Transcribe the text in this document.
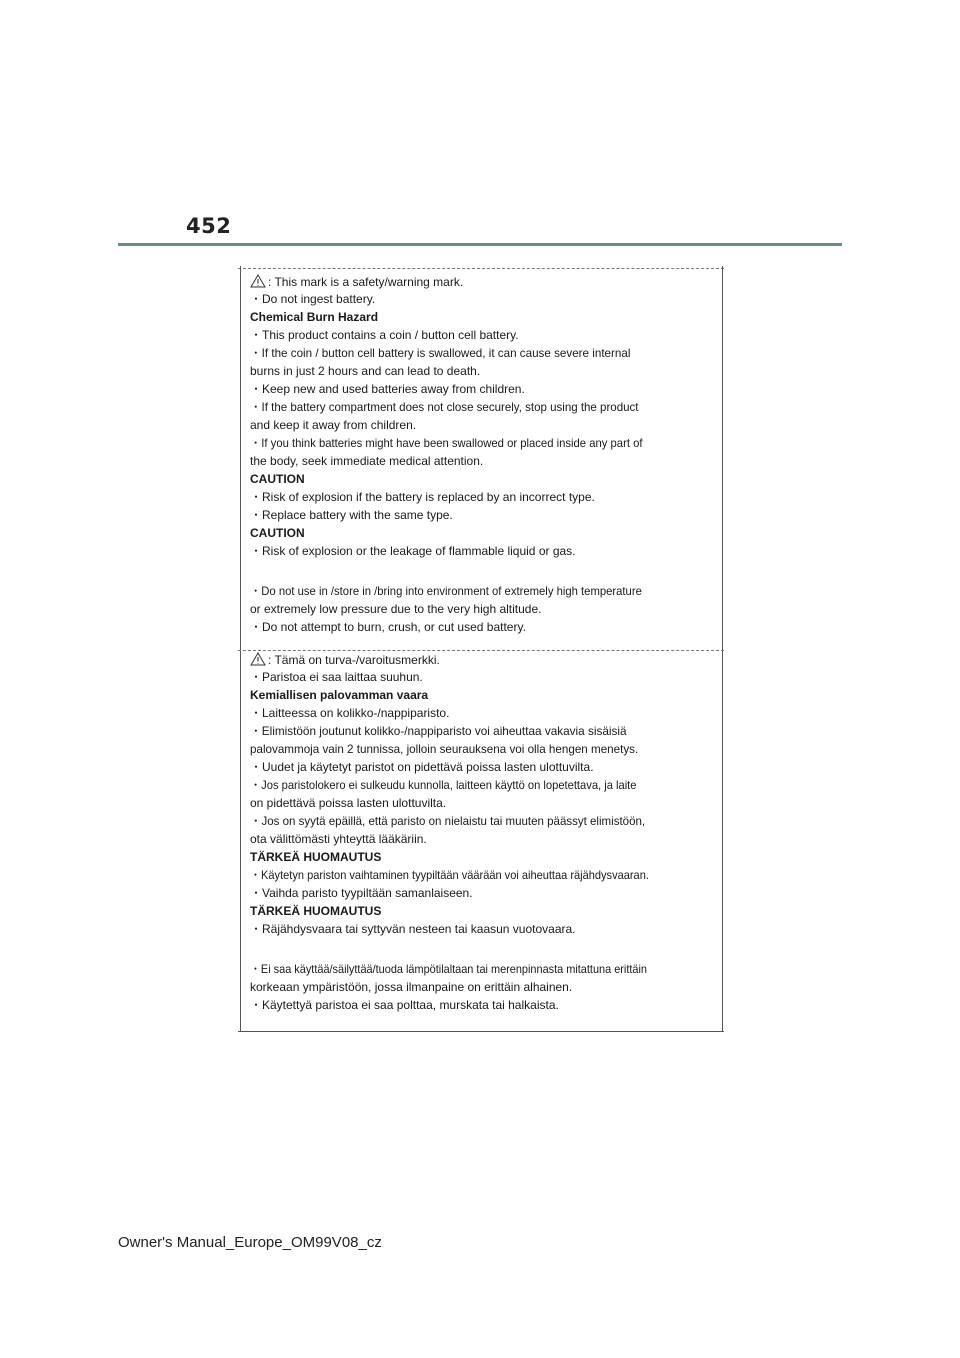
452
: This mark is a safety/warning mark.
・Do not ingest battery.
Chemical Burn Hazard
・This product contains a coin / button cell battery.
・If the coin / button cell battery is swallowed, it can cause severe internal
burns in just 2 hours and can lead to death.
・Keep new and used batteries away from children.
・If the battery compartment does not close securely, stop using the product
and keep it away from children.
・If you think batteries might have been swallowed or placed inside any part of
the body, seek immediate medical attention.
CAUTION
・Risk of explosion if the battery is replaced by an incorrect type.
・Replace battery with the same type.
CAUTION
・Risk of explosion or the leakage of flammable liquid or gas.
・Do not use in /store in /bring into environment of extremely high temperature
or extremely low pressure due to the very high altitude.
・Do not attempt to burn, crush, or cut used battery.
: Tämä on turva-/varoitusmerkki.
・Paristoa ei saa laittaa suuhun.
Kemiallisen palovamman vaara
・Laitteessa on kolikko-/nappiparisto.
・Elimistöön joutunut kolikko-/nappiparisto voi aiheuttaa vakavia sisäisiä
palovammoja vain 2 tunnissa, jolloin seurauksena voi olla hengen menetys.
・Uudet ja käytetyt paristot on pidettävä poissa lasten ulottuvilta.
・Jos paristolokero ei sulkeudu kunnolla, laitteen käyttö on lopetettava, ja laite
on pidettävä poissa lasten ulottuvilta.
・Jos on syytä epäillä, että paristo on nielaistu tai muuten päässyt elimistöön,
ota välittömästi yhteyttä lääkäriin.
TÄRKEÄ HUOMAUTUS
・Käytetyn pariston vaihtaminen tyypiltään väärään voi aiheuttaa räjähdysvaaran.
・Vaihda paristo tyypiltään samanlaiseen.
TÄRKEÄ HUOMAUTUS
・Räjähdysvaara tai syttyvän nesteen tai kaasun vuotovaara.
・Ei saa käyttää/säilyttää/tuoda lämpötilaltaan tai merenpinnasta mitattuna erittäin
korkeaan ympäristöön, jossa ilmanpaine on erittäin alhainen.
・Käytettyä paristoa ei saa polttaa, murskata tai halkaista.
Owner's Manual_Europe_OM99V08_cz
